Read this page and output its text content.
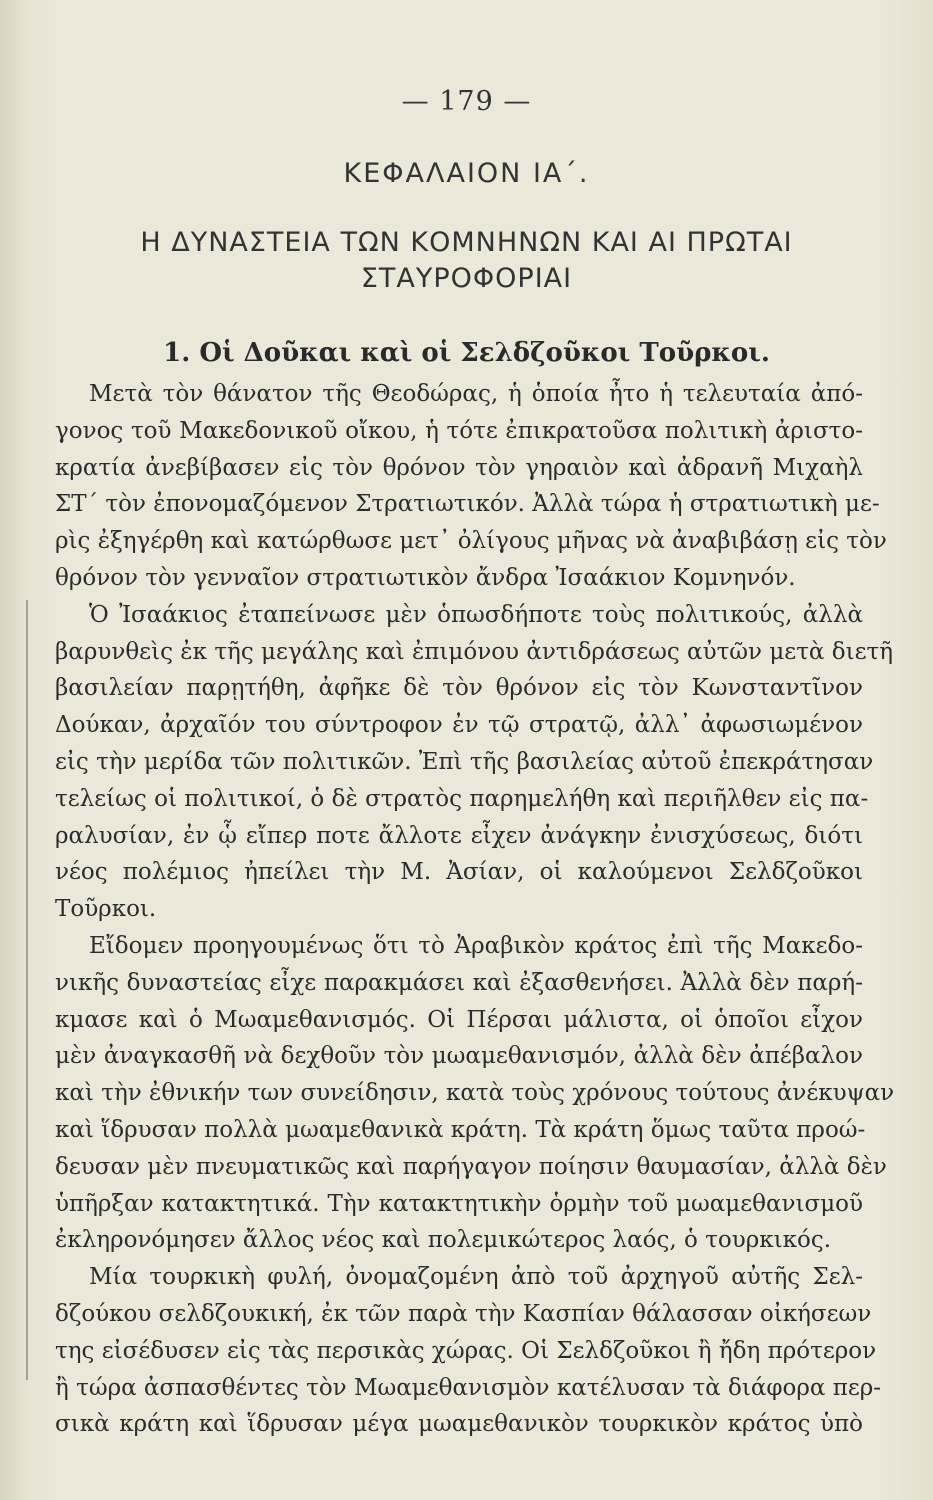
— 179 —
ΚΕΦΑΛΑΙΟΝ ΙΑ΄.
Η ΔΥΝΑΣΤΕΙΑ ΤΩΝ ΚΟΜΝΗΝΩΝ ΚΑΙ ΑΙ ΠΡΩΤΑΙ
ΣΤΑΥΡΟΦΟΡΙΑΙ
1. Οἱ Δοῦκαι καὶ οἱ Σελδζοῦκοι Τοῦρκοι.
Μετὰ τὸν θάνατον τῆς Θεοδώρας, ἡ ὁποία ἦτο ἡ τελευταία ἀπό-
γονος τοῦ Μακεδονικοῦ οἴκου, ἡ τότε ἐπικρατοῦσα πολιτικὴ ἀριστο-
κρατία ἀνεβίβασεν εἰς τὸν θρόνον τὸν γηραιὸν καὶ ἀδρανῆ Μιχαὴλ
ΣΤ΄ τὸν ἐπονομαζόμενον Στρατιωτικόν. Ἀλλὰ τώρα ἡ στρατιωτικὴ με-
ρὶς ἐξηγέρθη καὶ κατώρθωσε μετ᾽ ὀλίγους μῆνας νὰ ἀναβιβάσῃ εἰς τὸν
θρόνον τὸν γενναῖον στρατιωτικὸν ἄνδρα Ἰσαάκιον Κομνηνόν.
Ὁ Ἰσαάκιος ἐταπείνωσε μὲν ὁπωσδήποτε τοὺς πολιτικούς, ἀλλὰ
βαρυνθεὶς ἐκ τῆς μεγάλης καὶ ἐπιμόνου ἀντιδράσεως αὐτῶν μετὰ διετῆ
βασιλείαν παρῃτήθη, ἀφῆκε δὲ τὸν θρόνον εἰς τὸν Κωνσταντῖνον
Δούκαν, ἀρχαῖόν του σύντροφον ἐν τῷ στρατῷ, ἀλλ᾽ ἀφωσιωμένον
εἰς τὴν μερίδα τῶν πολιτικῶν. Ἐπὶ τῆς βασιλείας αὐτοῦ ἐπεκράτησαν
τελείως οἱ πολιτικοί, ὁ δὲ στρατὸς παρημελήθη καὶ περιῆλθεν εἰς πα-
ραλυσίαν, ἐν ᾧ εἴπερ ποτε ἄλλοτε εἶχεν ἀνάγκην ἐνισχύσεως, διότι
νέος πολέμιος ἠπείλει τὴν Μ. Ἀσίαν, οἱ καλούμενοι Σελδζοῦκοι
Τοῦρκοι.
Εἴδομεν προηγουμένως ὅτι τὸ Ἀραβικὸν κράτος ἐπὶ τῆς Μακεδο-
νικῆς δυναστείας εἶχε παρακμάσει καὶ ἐξασθενήσει. Ἀλλὰ δὲν παρή-
κμασε καὶ ὁ Μωαμεθανισμός. Οἱ Πέρσαι μάλιστα, οἱ ὁποῖοι εἶχον
μὲν ἀναγκασθῆ νὰ δεχθοῦν τὸν μωαμεθανισμόν, ἀλλὰ δὲν ἀπέβαλον
καὶ τὴν ἐθνικήν των συνείδησιν, κατὰ τοὺς χρόνους τούτους ἀνέκυψαν
καὶ ἵδρυσαν πολλὰ μωαμεθανικὰ κράτη. Τὰ κράτη ὅμως ταῦτα προώ-
δευσαν μὲν πνευματικῶς καὶ παρήγαγον ποίησιν θαυμασίαν, ἀλλὰ δὲν
ὑπῆρξαν κατακτητικά. Τὴν κατακτητικὴν ὁρμὴν τοῦ μωαμεθανισμοῦ
ἐκληρονόμησεν ἄλλος νέος καὶ πολεμικώτερος λαός, ὁ τουρκικός.
Μία τουρκικὴ φυλή, ὀνομαζομένη ἀπὸ τοῦ ἀρχηγοῦ αὐτῆς Σελ-
δζούκου σελδζουκική, ἐκ τῶν παρὰ τὴν Κασπίαν θάλασσαν οἰκήσεων
της εἰσέδυσεν εἰς τὰς περσικὰς χώρας. Οἱ Σελδζοῦκοι ἢ ἤδη πρότερον
ἢ τώρα ἀσπασθέντες τὸν Μωαμεθανισμὸν κατέλυσαν τὰ διάφορα περ-
σικὰ κράτη καὶ ἵδρυσαν μέγα μωαμεθανικὸν τουρκικὸν κράτος ὑπὸ
